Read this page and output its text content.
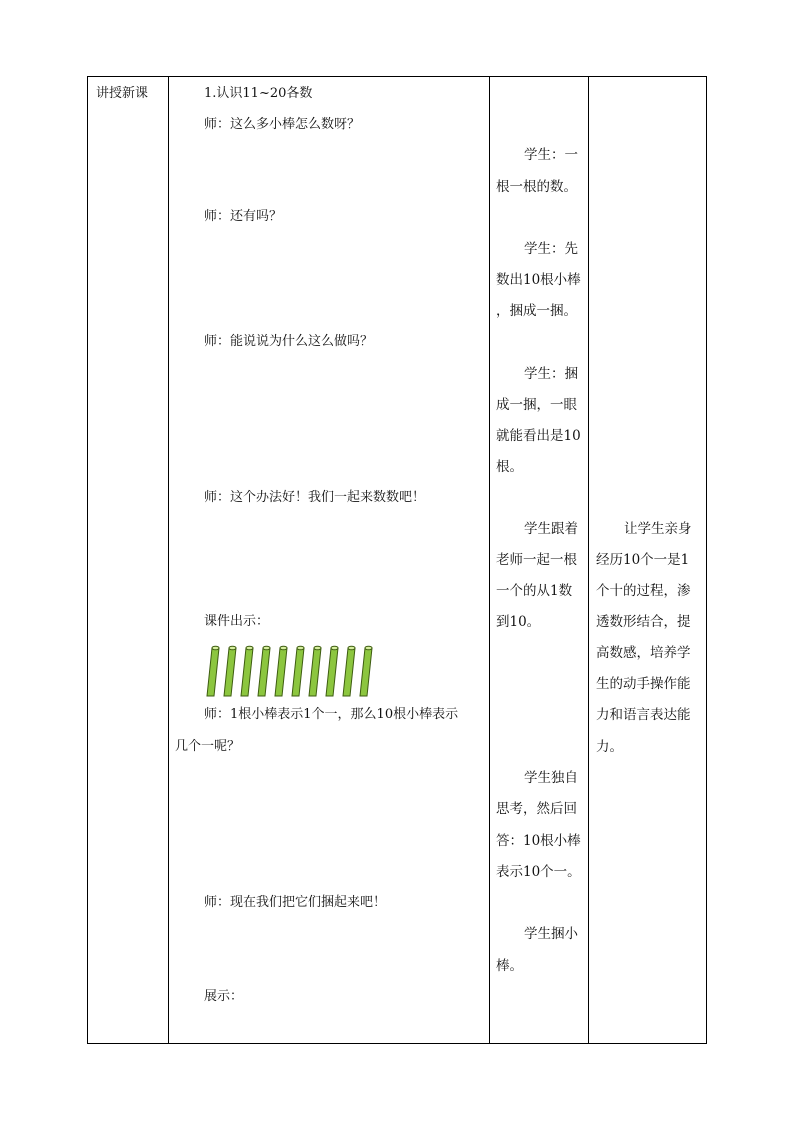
讲授新课	1.认识11~20各数
师：这么多小棒怎么数呀？
师：还有吗？
师：能说说为什么这么做吗？
师：这个办法好！我们一起来数数吧！
课件出示：
师：1根小棒表示1个一，那么10根小棒表示
几个一呢？
师：现在我们把它们捆起来吧！
展示：
学生：一
根一根的数。
学生：先
数出10根小棒
，捆成一捆。
学生：捆
成一捆，一眼
就能看出是10
根。
学生跟着
老师一起一根
一个的从1数
到10。
学生独自
思考，然后回
答：10根小棒
表示10个一。
学生捆小
棒。
让学生亲身
经历10个一是1
个十的过程，渗
透数形结合，提
高数感，培养学
生的动手操作能
力和语言表达能
力。
